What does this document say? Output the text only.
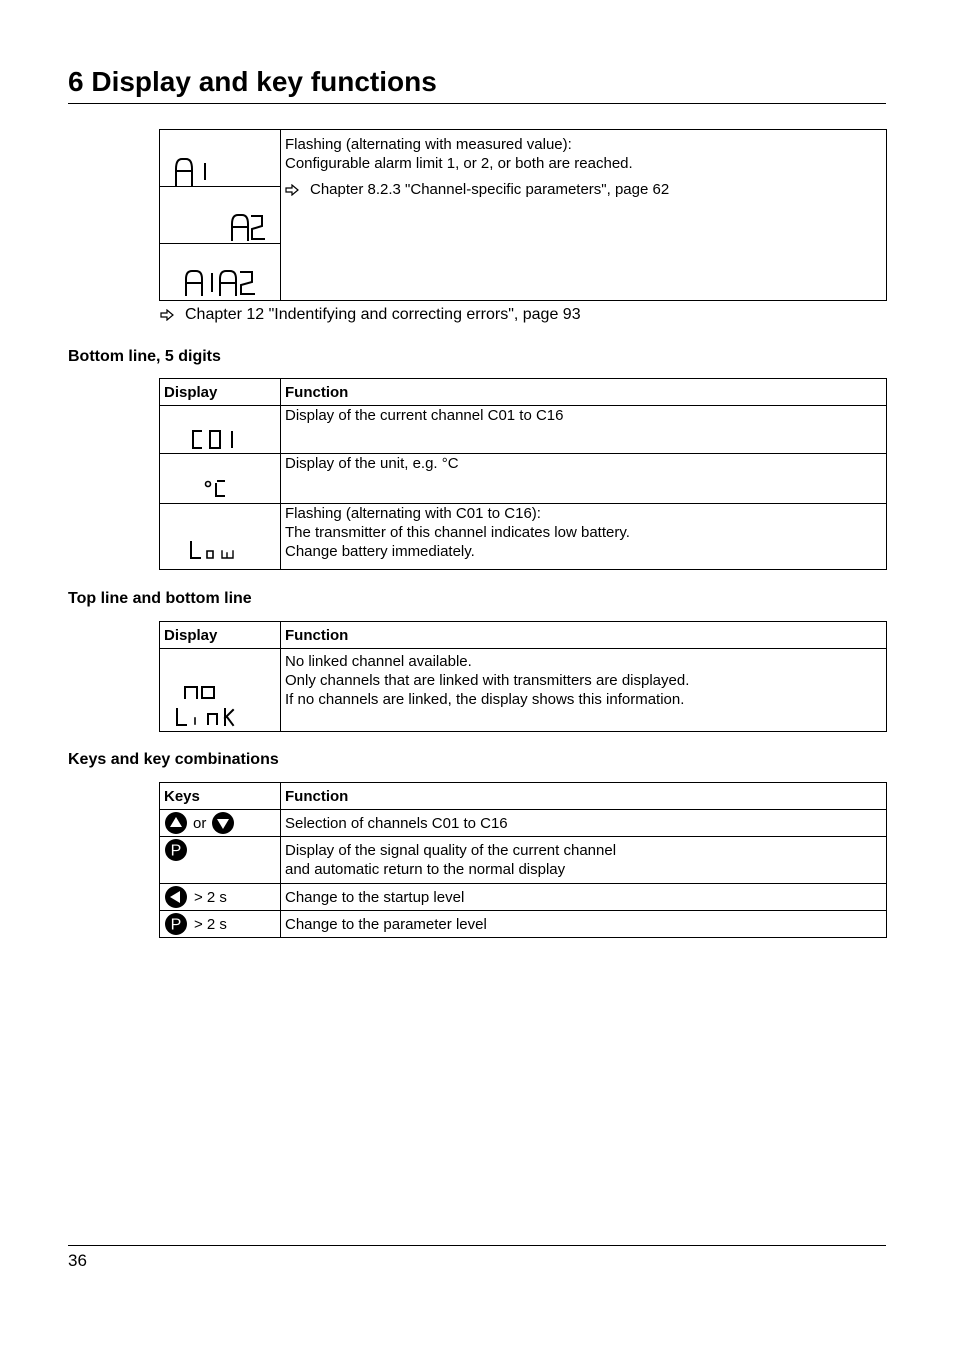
6 Display and key functions

Flashing (alternating with measured value):
Configurable alarm limit 1, or 2, or both are reached.
Chapter 8.2.3 "Channel-specific parameters", page 62

Chapter 12 "Indentifying and correcting errors", page 93
Bottom line, 5 digits
Display	Function

Display of the current channel C01 to C16

Display of the unit, e.g. °C

Flashing (alternating with C01 to C16):
The transmitter of this channel indicates low battery.
Change battery immediately.
Top line and bottom line
Display	Function

No linked channel available.
Only channels that are linked with transmitters are displayed.
If no channels are linked, the display shows this information.
Keys and key combinations
Keys	Function

or	Selection of channels C01 to C16

P	Display of the signal quality of the current channel
and automatic return to the normal display

> 2 s	Change to the startup level

P > 2 s	Change to the parameter level
36
